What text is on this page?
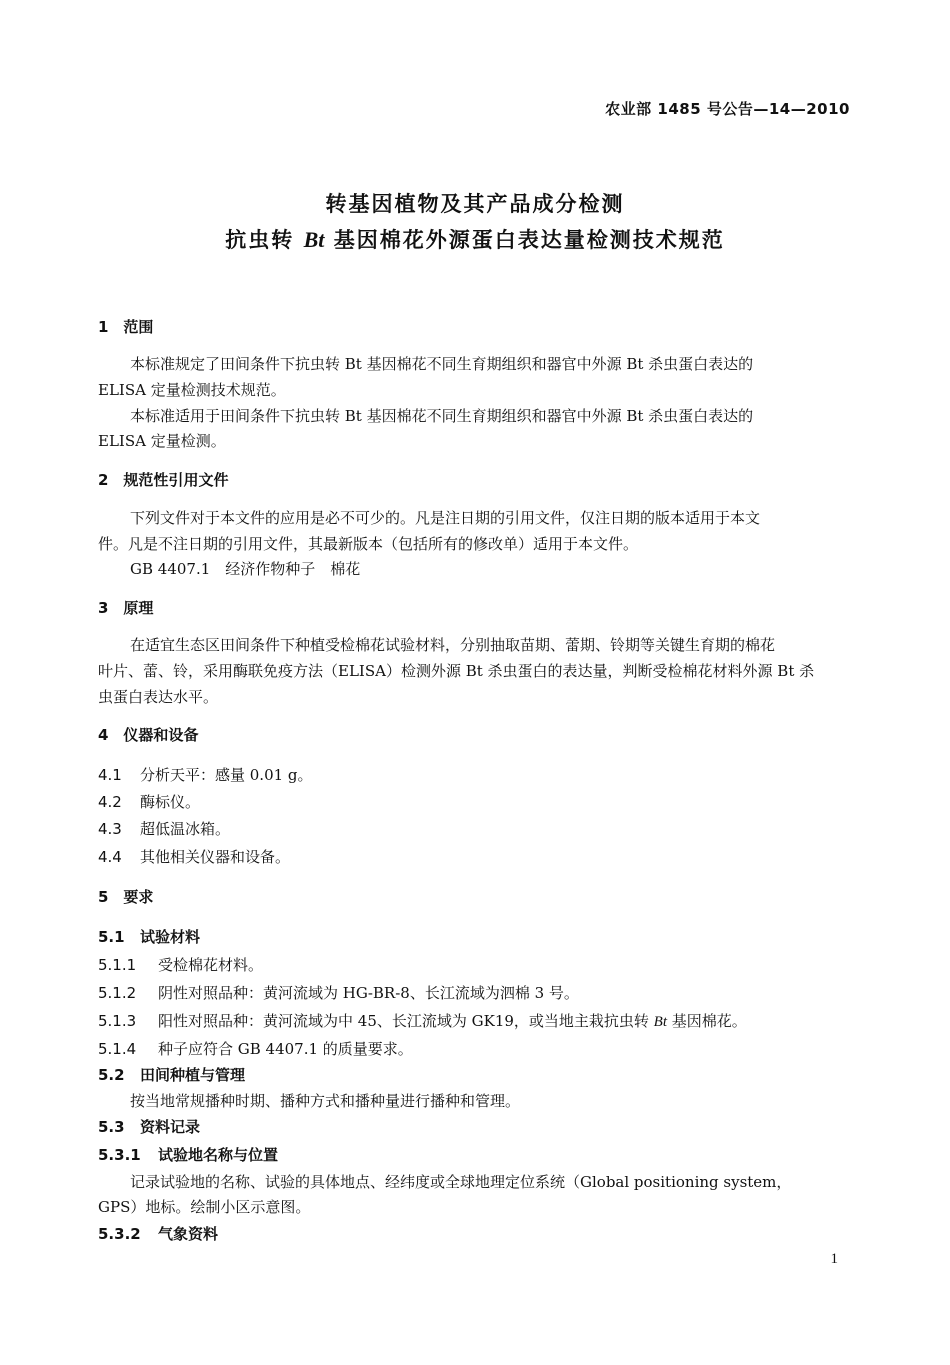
农业部 1485 号公告—14—2010
转基因植物及其产品成分检测
抗虫转 Bt 基因棉花外源蛋白表达量检测技术规范
1　范围
本标准规定了田间条件下抗虫转 Bt 基因棉花不同生育期组织和器官中外源 Bt 杀虫蛋白表达的
ELISA 定量检测技术规范。
本标准适用于田间条件下抗虫转 Bt 基因棉花不同生育期组织和器官中外源 Bt 杀虫蛋白表达的
ELISA 定量检测。
2　规范性引用文件
下列文件对于本文件的应用是必不可少的。凡是注日期的引用文件，仅注日期的版本适用于本文
件。凡是不注日期的引用文件，其最新版本（包括所有的修改单）适用于本文件。
GB 4407.1　经济作物种子　棉花
3　原理
在适宜生态区田间条件下种植受检棉花试验材料，分别抽取苗期、蕾期、铃期等关键生育期的棉花
叶片、蕾、铃，采用酶联免疫方法（ELISA）检测外源 Bt 杀虫蛋白的表达量，判断受检棉花材料外源 Bt 杀
虫蛋白表达水平。
4　仪器和设备
4.1 分析天平：感量 0.01 g。
4.2 酶标仪。
4.3 超低温冰箱。
4.4 其他相关仪器和设备。
5　要求
5.1 试验材料
5.1.1 受检棉花材料。
5.1.2 阴性对照品种：黄河流域为 HG‑BR‑8、长江流域为泗棉 3 号。
5.1.3 阳性对照品种：黄河流域为中 45、长江流域为 GK19，或当地主栽抗虫转 Bt 基因棉花。
5.1.4 种子应符合 GB 4407.1 的质量要求。
5.2 田间种植与管理
按当地常规播种时期、播种方式和播种量进行播种和管理。
5.3 资料记录
5.3.1 试验地名称与位置
记录试验地的名称、试验的具体地点、经纬度或全球地理定位系统（Global positioning system，
GPS）地标。绘制小区示意图。
5.3.2 气象资料
1
